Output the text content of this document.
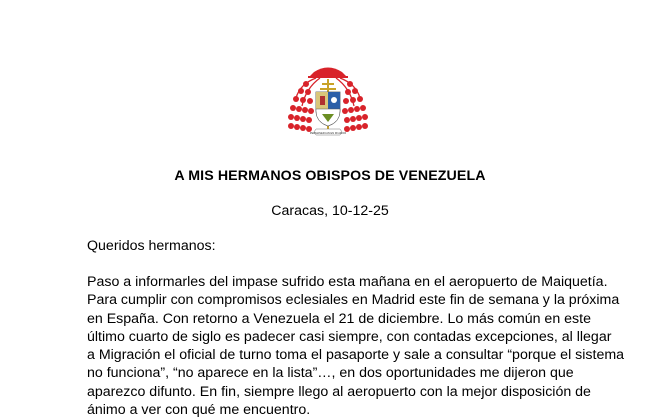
PERMANEZCAN EN MI AMOR
A MIS HERMANOS OBISPOS DE VENEZUELA
Caracas, 10-12-25
Queridos hermanos:
Paso a informarles del impase sufrido esta mañana en el aeropuerto de Maiquetía.
Para cumplir con compromisos eclesiales en Madrid este fin de semana y la próxima
en España. Con retorno a Venezuela el 21 de diciembre. Lo más común en este
último cuarto de siglo es padecer casi siempre, con contadas excepciones, al llegar
a Migración el oficial de turno toma el pasaporte y sale a consultar “porque el sistema
no funciona”, “no aparece en la lista”…, en dos oportunidades me dijeron que
aparezco difunto. En fin, siempre llego al aeropuerto con la mejor disposición de
ánimo a ver con qué me encuentro.
